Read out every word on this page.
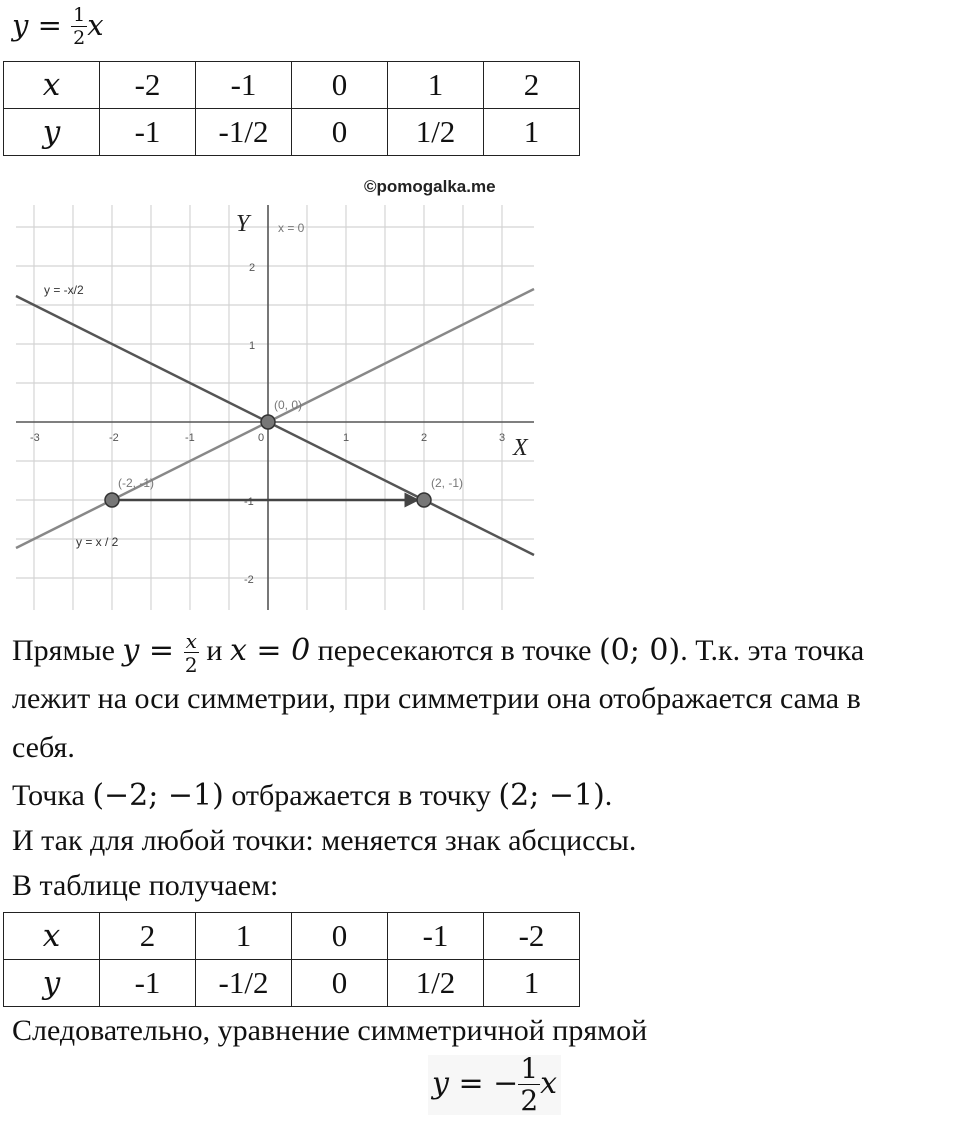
$y = \frac{1}{2}$ x
x	-2	-1	0	1	2
y	-1	-1/2	0	1/2	1
©pomogalka.me
-3	-2	-1	0	1	2	3
2
1
-1
-2
Y
X
x = 0
y = -x/2
y = x / 2
(0, 0)
(-2, -1)	(2, -1)
Прямые $y = \frac{x}{2}$ и x = 0 пересекаются в точке (0; 0). Т.к. эта точка
лежит на оси симметрии, при симметрии она отображается сама в
себя.
Точка (−2; −1) отбражается в точку (2; −1).
И так для любой точки: меняется знак абсциссы.
В таблице получаем:
x	2	1	0	-1	-2
y	-1	-1/2	0	1/2	1
Следовательно, уравнение симметричной прямой
y = − $\frac{1}{2}$ x
